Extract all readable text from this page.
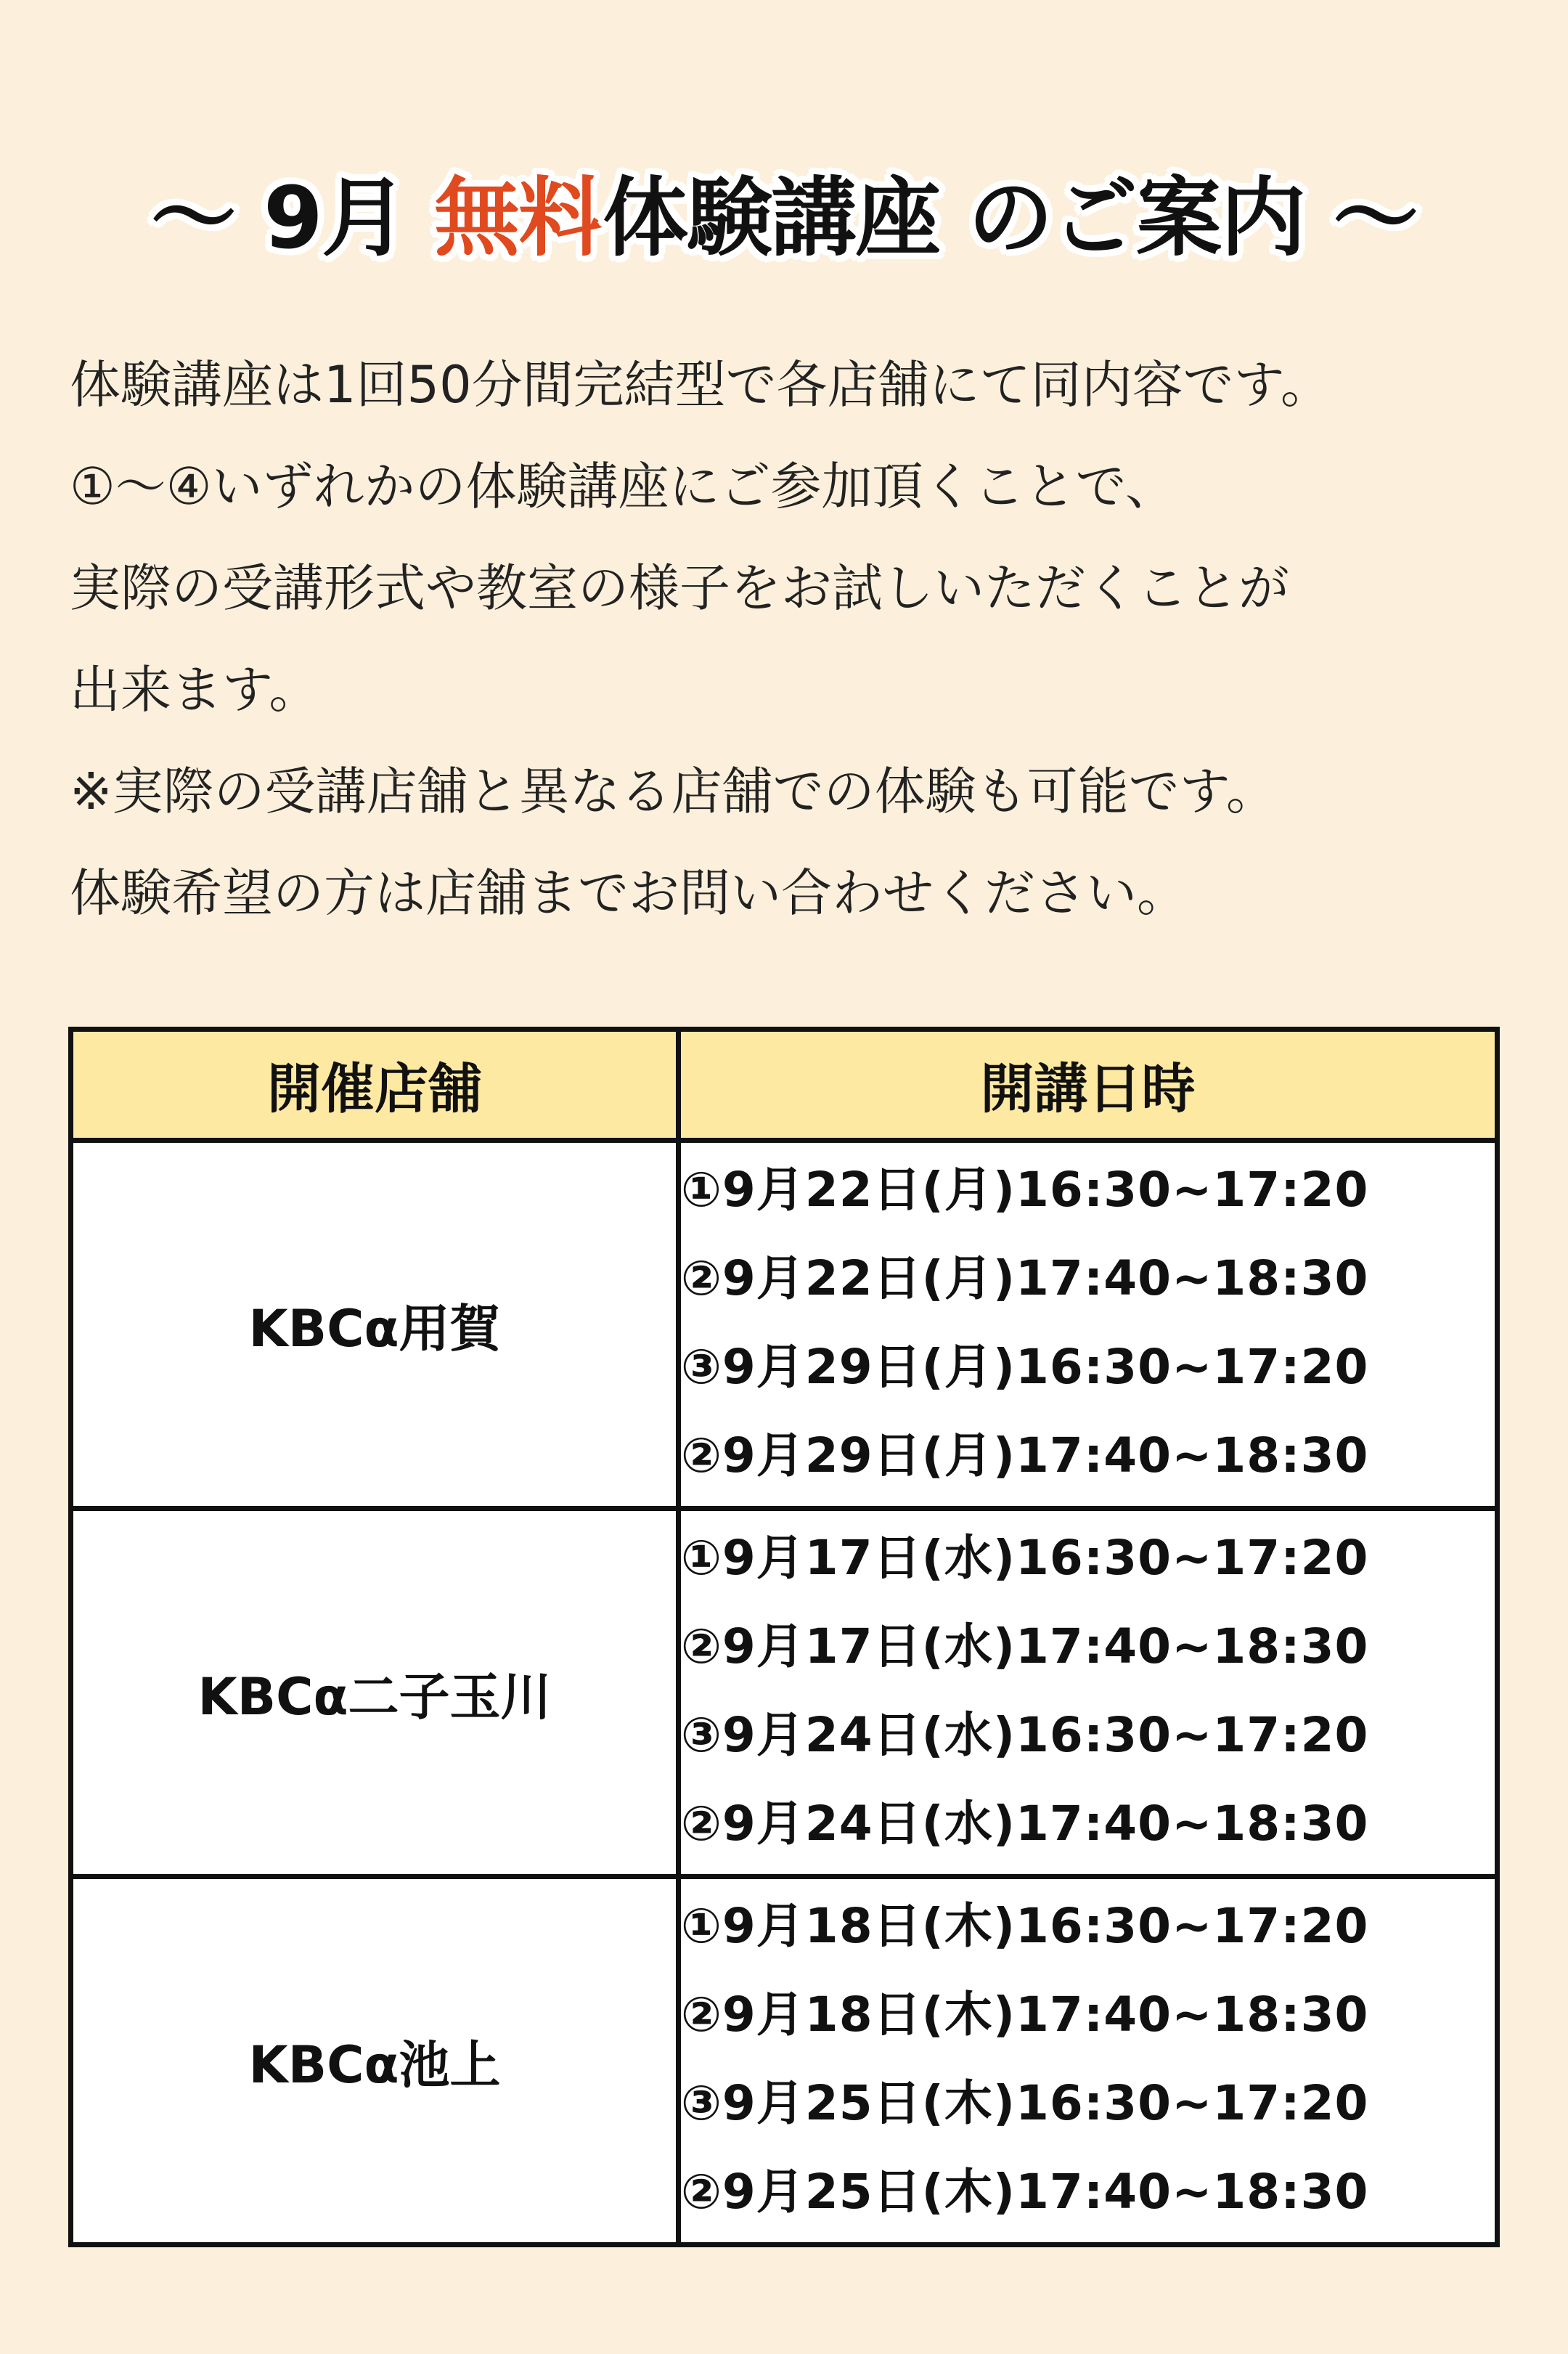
〜 9月 無料体験講座 のご案内 〜

体験講座は1回50分間完結型で各店舗にて同内容です。

①〜④いずれかの体験講座にご参加頂くことで、

実際の受講形式や教室の様子をお試しいただくことが

出来ます。

※実際の受講店舗と異なる店舗での体験も可能です。

体験希望の方は店舗までお問い合わせください。

開催店舗	開講日時
KBCα用賀	①9月22日(月)16:30~17:20
②9月22日(月)17:40~18:30
③9月29日(月)16:30~17:20
②9月29日(月)17:40~18:30

KBCα二子玉川	①9月17日(水)16:30~17:20
②9月17日(水)17:40~18:30
③9月24日(水)16:30~17:20
②9月24日(水)17:40~18:30

KBCα池上	①9月18日(木)16:30~17:20
②9月18日(木)17:40~18:30
③9月25日(木)16:30~17:20
②9月25日(木)17:40~18:30
